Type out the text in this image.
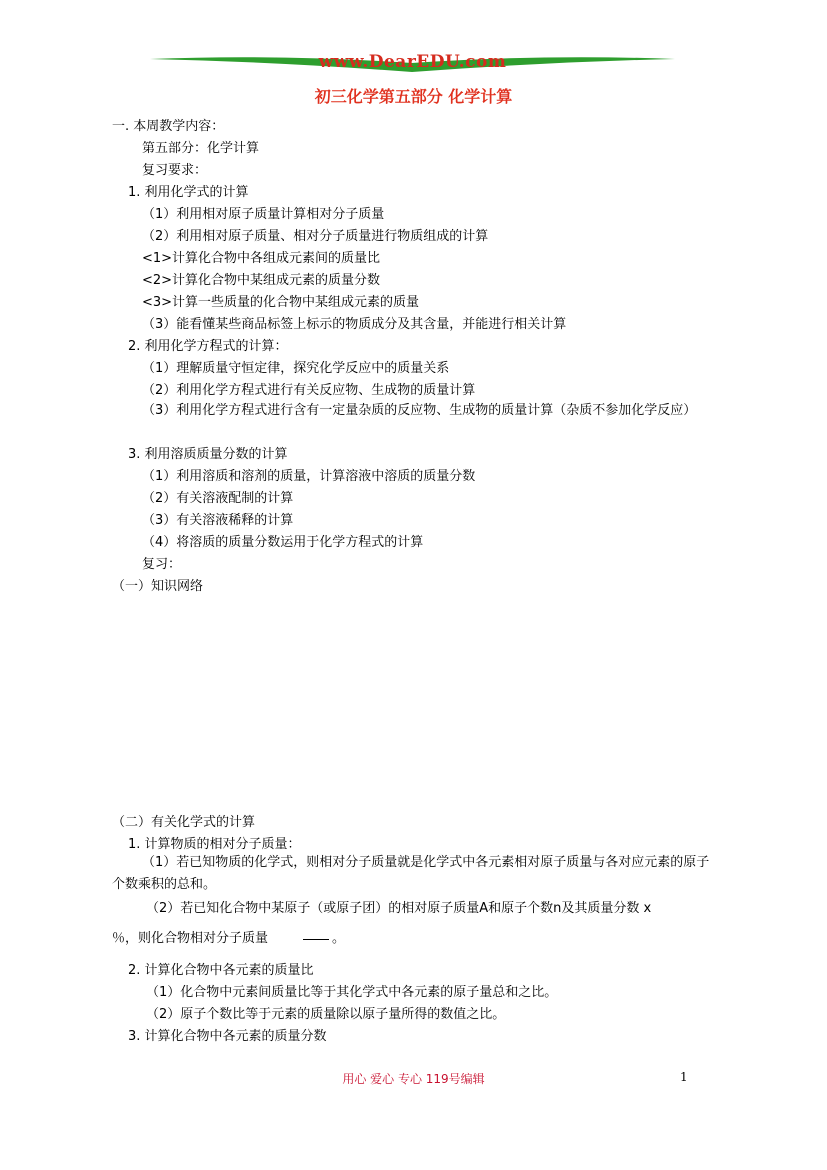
www.DearEDU.com
初三化学第五部分 化学计算
一. 本周教学内容：
第五部分：化学计算
复习要求：
1. 利用化学式的计算
（1）利用相对原子质量计算相对分子质量
（2）利用相对原子质量、相对分子质量进行物质组成的计算
<1>计算化合物中各组成元素间的质量比
<2>计算化合物中某组成元素的质量分数
<3>计算一些质量的化合物中某组成元素的质量
（3）能看懂某些商品标签上标示的物质成分及其含量，并能进行相关计算
2. 利用化学方程式的计算：
（1）理解质量守恒定律，探究化学反应中的质量关系
（2）利用化学方程式进行有关反应物、生成物的质量计算
（3）利用化学方程式进行含有一定量杂质的反应物、生成物的质量计算（杂质不参加化学反应）
3. 利用溶质质量分数的计算
（1）利用溶质和溶剂的质量，计算溶液中溶质的质量分数
（2）有关溶液配制的计算
（3）有关溶液稀释的计算
（4）将溶质的质量分数运用于化学方程式的计算
复习：
（一）知识网络
（二）有关化学式的计算
1. 计算物质的相对分子质量：
（1）若已知物质的化学式，则相对分子质量就是化学式中各元素相对原子质量与各对应元素的原子个数乘积的总和。
（2）若已知化合物中某原子（或原子团）的相对原子质量A和原子个数n及其质量分数 x
％，则化合物相对分子质量	。
2. 计算化合物中各元素的质量比
（1）化合物中元素间质量比等于其化学式中各元素的原子量总和之比。
（2）原子个数比等于元素的质量除以原子量所得的数值之比。
3. 计算化合物中各元素的质量分数
用心 爱心 专心 119号编辑	1
